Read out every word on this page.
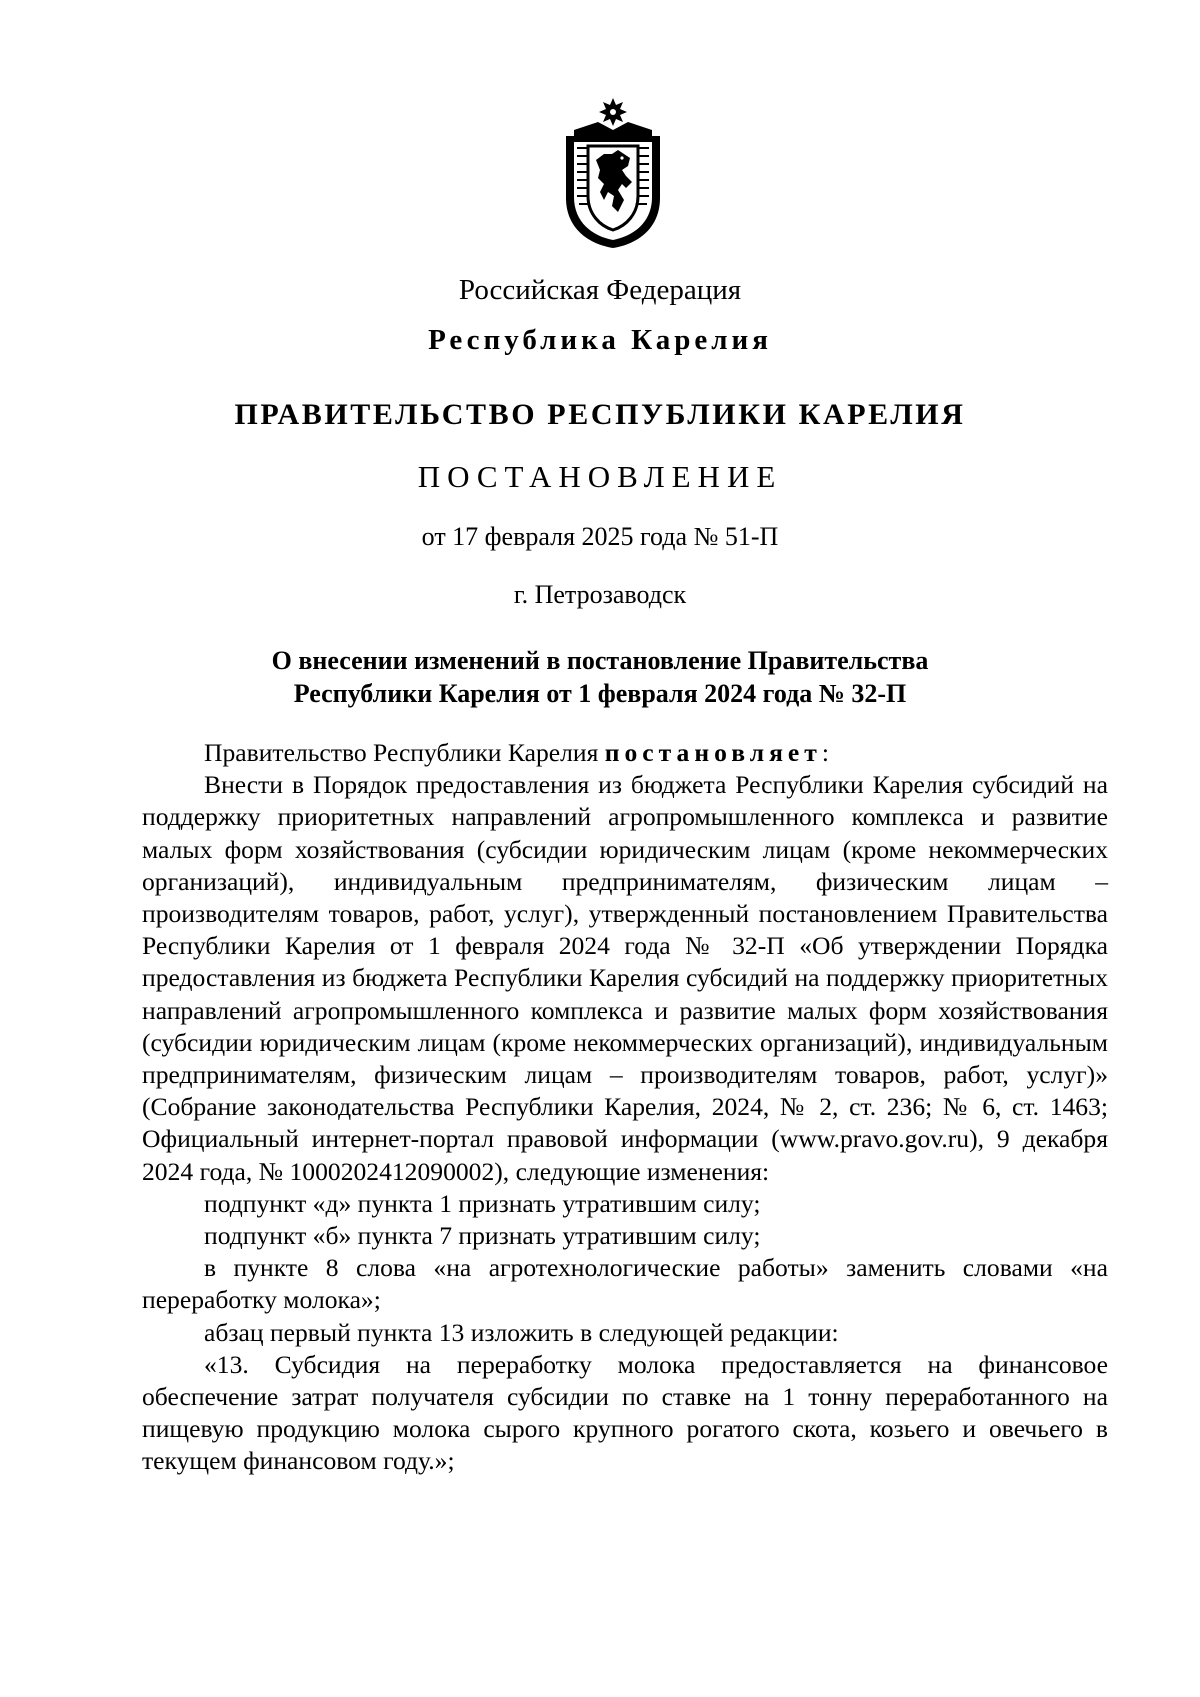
Российская Федерация
Республика Карелия
ПРАВИТЕЛЬСТВО РЕСПУБЛИКИ КАРЕЛИЯ
ПОСТАНОВЛЕНИЕ
от 17 февраля 2025 года № 51-П
г. Петрозаводск
О внесении изменений в постановление Правительства
Республики Карелия от 1 февраля 2024 года № 32-П

Правительство Республики Карелия постановляет:

Внести в Порядок предоставления из бюджета Республики Карелия субсидий на поддержку приоритетных направлений агропромышленного комплекса и развитие малых форм хозяйствования (субсидии юридическим лицам (кроме некоммерческих организаций), индивидуальным предпринимателям, физическим лицам – производителям товаров, работ, услуг), утвержденный постановлением Правительства Республики Карелия от 1 февраля 2024 года № 32-П «Об утверждении Порядка предоставления из бюджета Республики Карелия субсидий на поддержку приоритетных направлений агропромышленного комплекса и развитие малых форм хозяйствования (субсидии юридическим лицам (кроме некоммерческих организаций), индивидуальным предпринимателям, физическим лицам – производителям товаров, работ, услуг)» (Собрание законодательства Республики Карелия, 2024, № 2, ст. 236; № 6, ст. 1463; Официальный интернет-портал правовой информации (www.pravo.gov.ru), 9 декабря 2024 года, № 1000202412090002), следующие изменения:

подпункт «д» пункта 1 признать утратившим силу;

подпункт «б» пункта 7 признать утратившим силу;

в пункте 8 слова «на агротехнологические работы» заменить словами «на переработку молока»;

абзац первый пункта 13 изложить в следующей редакции:

«13. Субсидия на переработку молока предоставляется на финансовое обеспечение затрат получателя субсидии по ставке на 1 тонну переработанного на пищевую продукцию молока сырого крупного рогатого скота, козьего и овечьего в текущем финансовом году.»;
